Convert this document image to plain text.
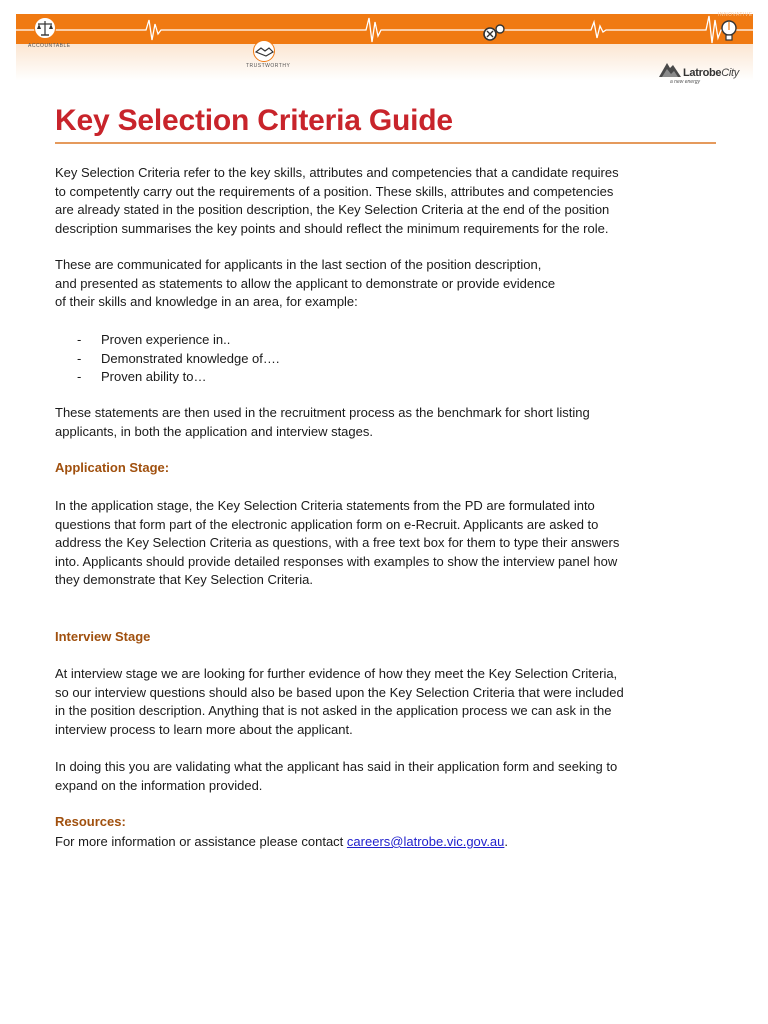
ACCOUNTABLE
TRUSTWORTHY
INNOVATIVE
LatrobeCity
a new energy
Key Selection Criteria Guide

Key Selection Criteria refer to the key skills, attributes and competencies that a candidate requires
to competently carry out the requirements of a position. These skills, attributes and competencies
are already stated in the position description, the Key Selection Criteria at the end of the position
description summarises the key points and should reflect the minimum requirements for the role.

These are communicated for applicants in the last section of the position description,
and presented as statements to allow the applicant to demonstrate or provide evidence
of their skills and knowledge in an area, for example:

- Proven experience in..
- Demonstrated knowledge of….
- Proven ability to…

These statements are then used in the recruitment process as the benchmark for short listing
applicants, in both the application and interview stages.

Application Stage:

In the application stage, the Key Selection Criteria statements from the PD are formulated into
questions that form part of the electronic application form on e-Recruit. Applicants are asked to
address the Key Selection Criteria as questions, with a free text box for them to type their answers
into. Applicants should provide detailed responses with examples to show the interview panel how
they demonstrate that Key Selection Criteria.

Interview Stage

At interview stage we are looking for further evidence of how they meet the Key Selection Criteria,
so our interview questions should also be based upon the Key Selection Criteria that were included
in the position description. Anything that is not asked in the application process we can ask in the
interview process to learn more about the applicant.

In doing this you are validating what the applicant has said in their application form and seeking to
expand on the information provided.

Resources:

For more information or assistance please contact careers@latrobe.vic.gov.au.
